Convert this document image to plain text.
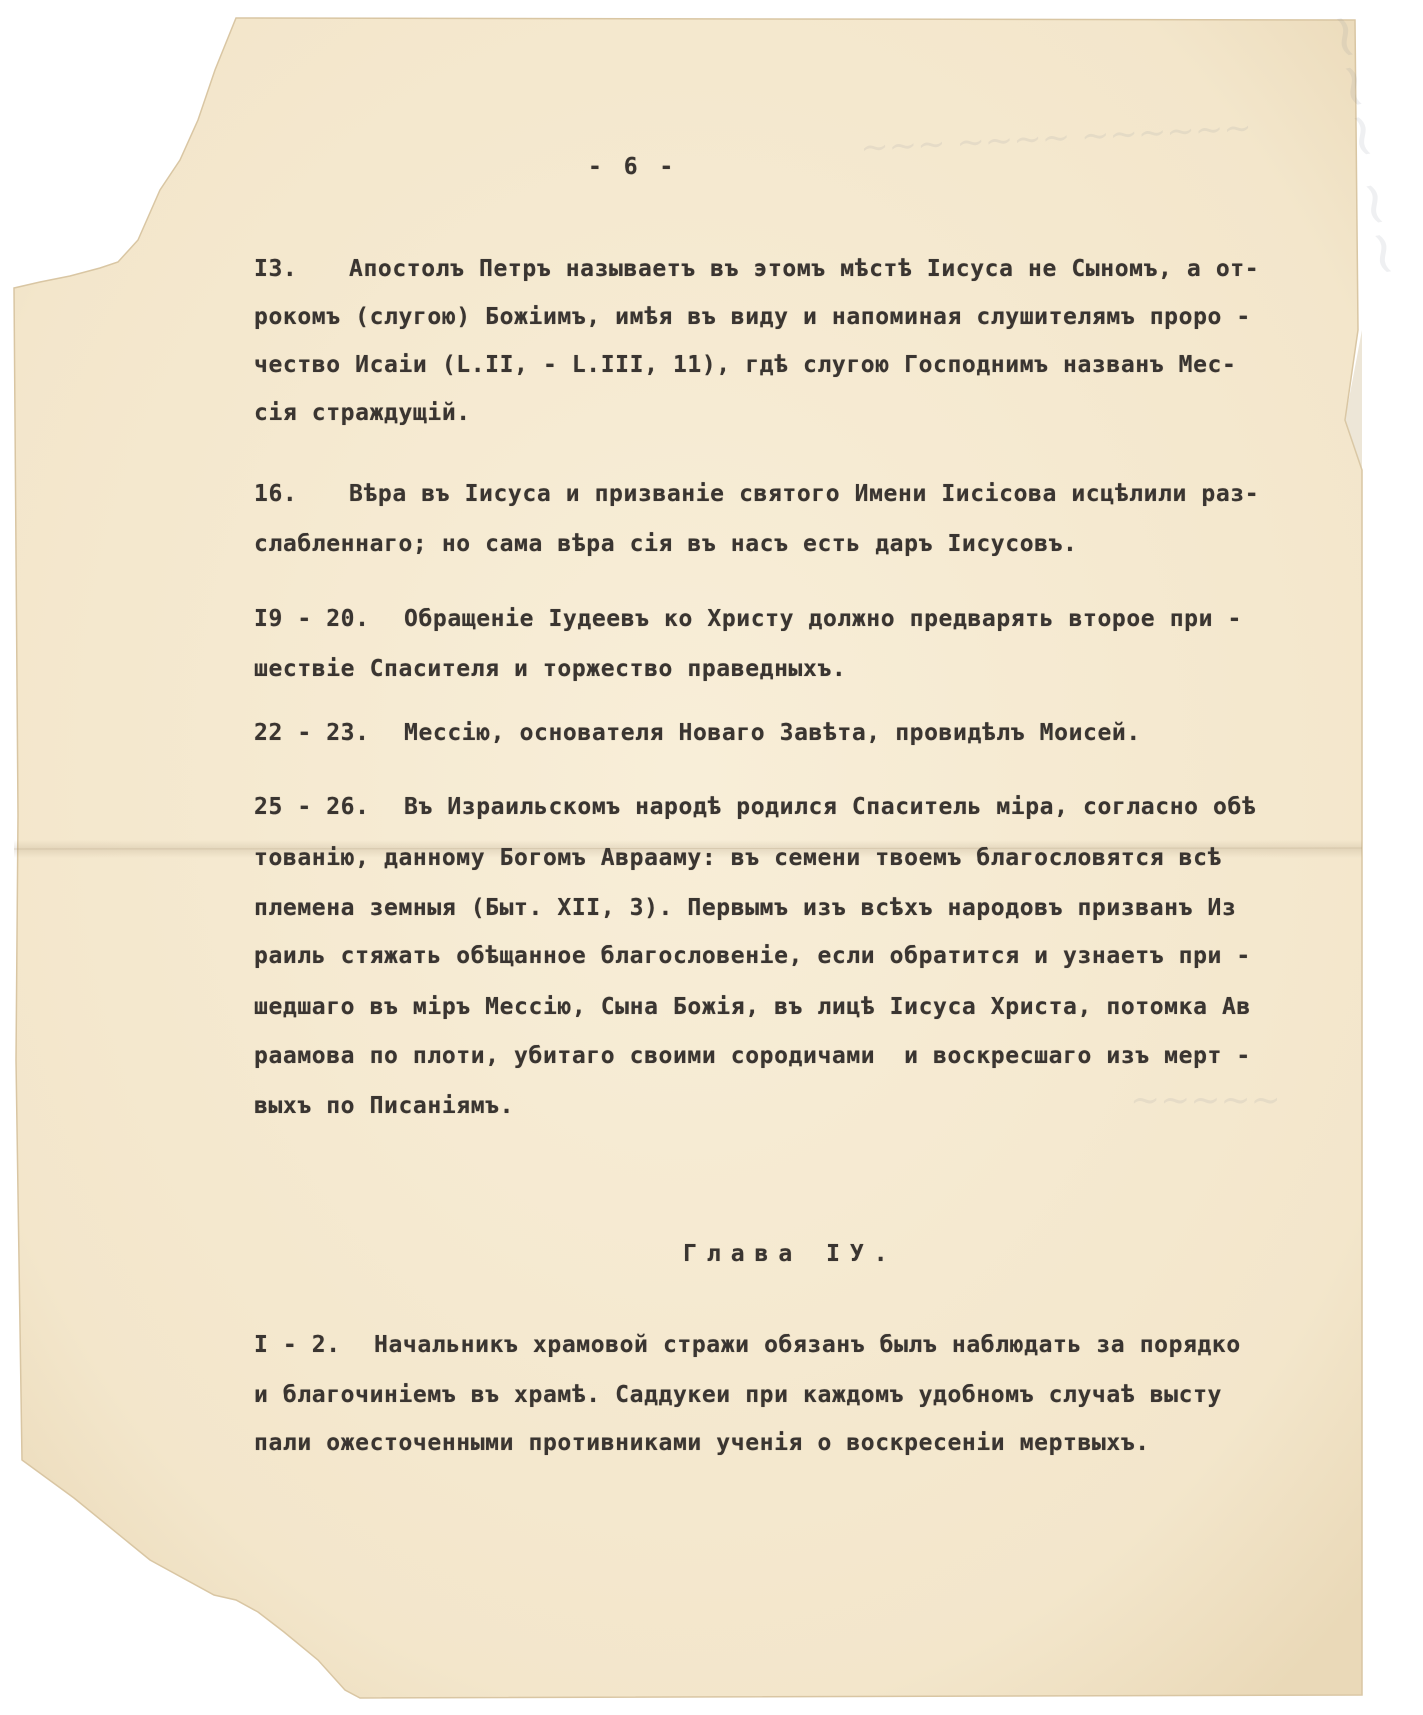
~~~ ~~
- 6 -
I3. Апостолъ Петръ называетъ въ этомъ мѣстѣ Іисуса не Сыномъ, а от-
рокомъ (слугою) Божіимъ, имѣя въ виду и напоминая слушителямъ проро -
чество Исаіи (L.II, - L.III, 11), гдѣ слугою Господнимъ названъ Мес-
сія страждущій.
16. Вѣра въ Іисуса и призваніе святого Имени Іисісова исцѣлили раз-
слабленнаго; но сама вѣра сія въ насъ есть даръ Іисусовъ.
I9 - 20. Обращеніе Іудеевъ ко Христу должно предварять второе при -
шествіе Спасителя и торжество праведныхъ.
22 - 23. Мессію, основателя Новаго Завѣта, провидѣлъ Моисей.
25 - 26. Въ Израильскомъ народѣ родился Спаситель міра, согласно обѣ
тованію, данному Богомъ Аврааму: въ семени твоемъ благословятся всѣ
племена земныя (Быт. XII, 3). Первымъ изъ всѣхъ народовъ призванъ Из
раиль стяжать обѣщанное благословеніе, если обратится и узнаетъ при -
шедшаго въ міръ Мессію, Сына Божія, въ лицѣ Іисуса Христа, потомка Ав
раамова по плоти, убитаго своими сородичами  и воскресшаго изъ мерт -
выхъ по Писаніямъ.
Глава IУ.
I - 2. Начальникъ храмовой стражи обязанъ былъ наблюдать за порядко
и благочиніемъ въ храмѣ. Саддукеи при каждомъ удобномъ случаѣ высту
пали ожесточенными противниками ученія о воскресеніи мертвыхъ.
